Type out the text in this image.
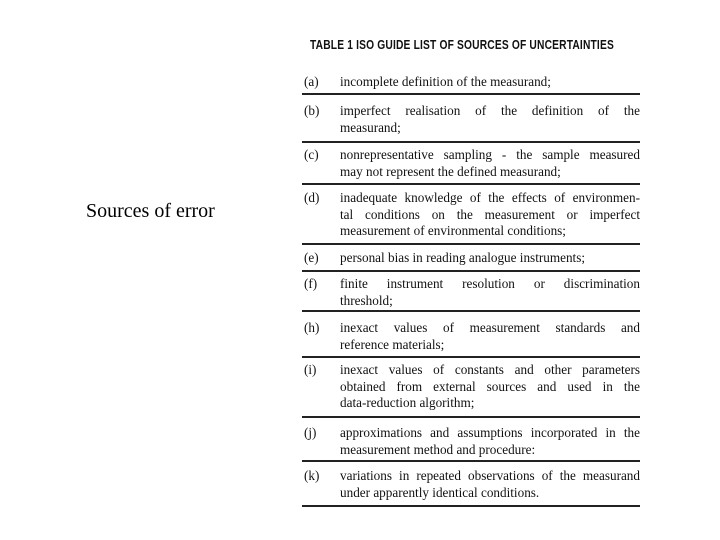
Sources of error
TABLE 1 ISO GUIDE LIST OF SOURCES OF UNCERTAINTIES
(a) incomplete definition of the measurand;
(b) imperfect realisation of the definition of the
measurand;
(c) nonrepresentative sampling - the sample measured
may not represent the defined measurand;
(d) inadequate knowledge of the effects of environmen-
tal conditions on the measurement or imperfect
measurement of environmental conditions;
(e) personal bias in reading analogue instruments;
(f) finite instrument resolution or discrimination
threshold;
(h) inexact values of measurement standards and
reference materials;
(i) inexact values of constants and other parameters
obtained from external sources and used in the
data-reduction algorithm;
(j) approximations and assumptions incorporated in the
measurement method and procedure:
(k) variations in repeated observations of the measurand
under apparently identical conditions.
